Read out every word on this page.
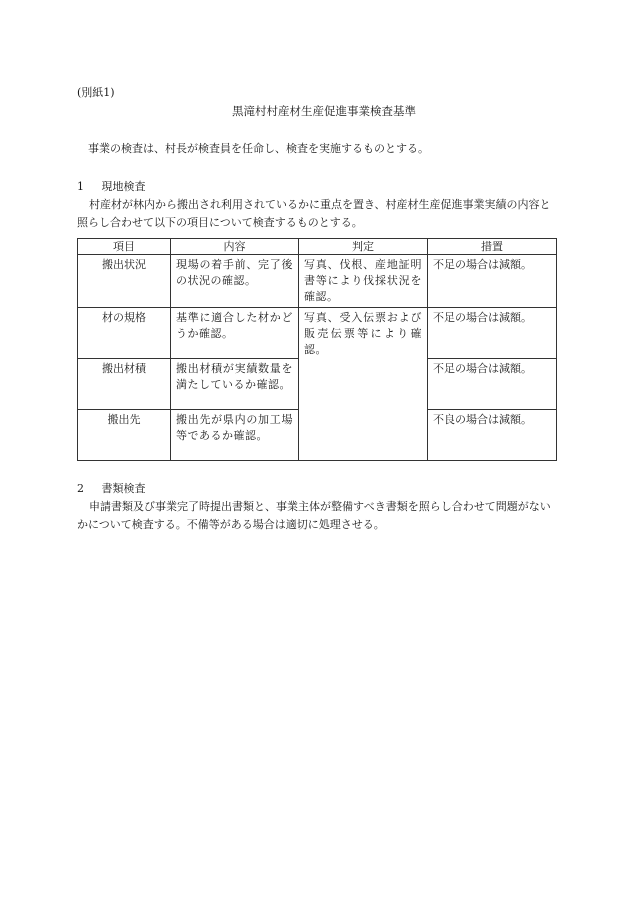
(別紙1)
黒滝村村産材生産促進事業検査基準
事業の検査は、村長が検査員を任命し、検査を実施するものとする。
1 現地検査
村産材が林内から搬出され利用されているかに重点を置き、村産材生産促進事業実績の内容と照らし合わせて以下の項目について検査するものとする。
項目	内容	判定	措置
搬出状況	現場の着手前、完了後の状況の確認。	写真、伐根、産地証明書等により伐採状況を確認。	不足の場合は減額。
材の規格	基準に適合した材かどうか確認。	写真、受入伝票および販売伝票等により確認。	不足の場合は減額。
搬出材積	搬出材積が実績数量を満たしているか確認。		不足の場合は減額。
搬出先	搬出先が県内の加工場等であるか確認。		不良の場合は減額。
2 書類検査
申請書類及び事業完了時提出書類と、事業主体が整備すべき書類を照らし合わせて問題がないかについて検査する。不備等がある場合は適切に処理させる。
